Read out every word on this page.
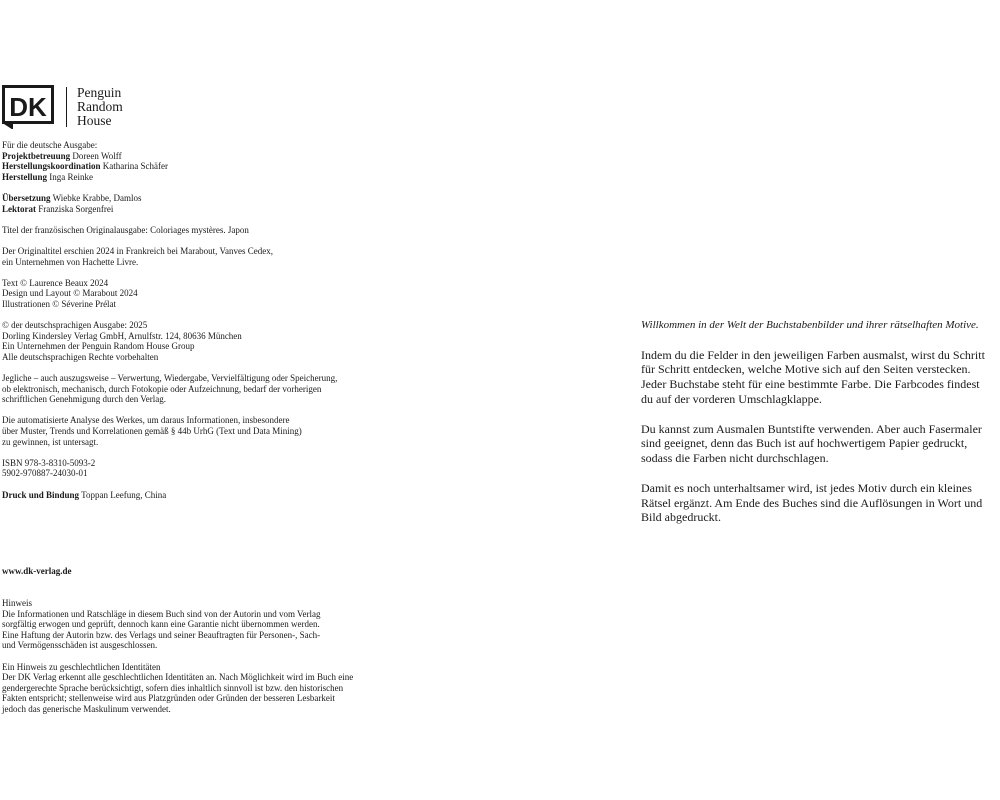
DK Penguin
Random
House

Für die deutsche Ausgabe:
Projektbetreuung Doreen Wolff
Herstellungskoordination Katharina Schäfer
Herstellung Inga Reinke

Übersetzung Wiebke Krabbe, Damlos
Lektorat Franziska Sorgenfrei

Titel der französischen Originalausgabe: Coloriages mystères. Japon

Der Originaltitel erschien 2024 in Frankreich bei Marabout, Vanves Cedex,
ein Unternehmen von Hachette Livre.

Text © Laurence Beaux 2024
Design und Layout © Marabout 2024
Illustrationen © Séverine Prélat

© der deutschsprachigen Ausgabe: 2025
Dorling Kindersley Verlag GmbH, Arnulfstr. 124, 80636 München
Ein Unternehmen der Penguin Random House Group
Alle deutschsprachigen Rechte vorbehalten

Jegliche – auch auszugsweise – Verwertung, Wiedergabe, Vervielfältigung oder Speicherung,
ob elektronisch, mechanisch, durch Fotokopie oder Aufzeichnung, bedarf der vorherigen
schriftlichen Genehmigung durch den Verlag.

Die automatisierte Analyse des Werkes, um daraus Informationen, insbesondere
über Muster, Trends und Korrelationen gemäß § 44b UrhG (Text und Data Mining)
zu gewinnen, ist untersagt.

ISBN 978-3-8310-5093-2
5902-970887-24030-01

Druck und Bindung Toppan Leefung, China

www.dk-verlag.de

Hinweis
Die Informationen und Ratschläge in diesem Buch sind von der Autorin und vom Verlag
sorgfältig erwogen und geprüft, dennoch kann eine Garantie nicht übernommen werden.
Eine Haftung der Autorin bzw. des Verlags und seiner Beauftragten für Personen-, Sach-
und Vermögensschäden ist ausgeschlossen.

Ein Hinweis zu geschlechtlichen Identitäten
Der DK Verlag erkennt alle geschlechtlichen Identitäten an. Nach Möglichkeit wird im Buch eine
gendergerechte Sprache berücksichtigt, sofern dies inhaltlich sinnvoll ist bzw. den historischen
Fakten entspricht; stellenweise wird aus Platzgründen oder Gründen der besseren Lesbarkeit
jedoch das generische Maskulinum verwendet.

Willkommen in der Welt der Buchstabenbilder und ihrer rätselhaften Motive.

Indem du die Felder in den jeweiligen Farben ausmalst, wirst du Schritt
für Schritt entdecken, welche Motive sich auf den Seiten verstecken.
Jeder Buchstabe steht für eine bestimmte Farbe. Die Farbcodes findest
du auf der vorderen Umschlagklappe.

Du kannst zum Ausmalen Buntstifte verwenden. Aber auch Fasermaler
sind geeignet, denn das Buch ist auf hochwertigem Papier gedruckt,
sodass die Farben nicht durchschlagen.

Damit es noch unterhaltsamer wird, ist jedes Motiv durch ein kleines
Rätsel ergänzt. Am Ende des Buches sind die Auflösungen in Wort und
Bild abgedruckt.
